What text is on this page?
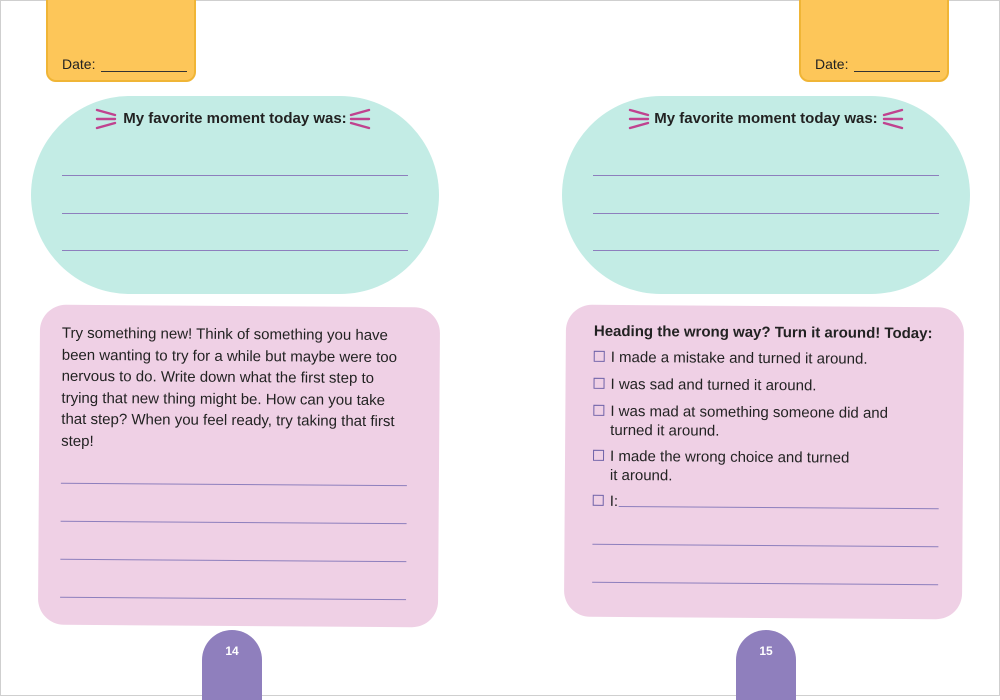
Date:
My favorite moment today was:
Try something new! Think of something you have been wanting to try for a while but maybe were too nervous to do. Write down what the first step to trying that new thing might be. How can you take that step? When you feel ready, try taking that first step!
14
Date:
My favorite moment today was:
Heading the wrong way? Turn it around! Today:
I made a mistake and turned it around.
I was sad and turned it around.
I was mad at something someone did and
turned it around.
I made the wrong choice and turned
it around.
I:
15
